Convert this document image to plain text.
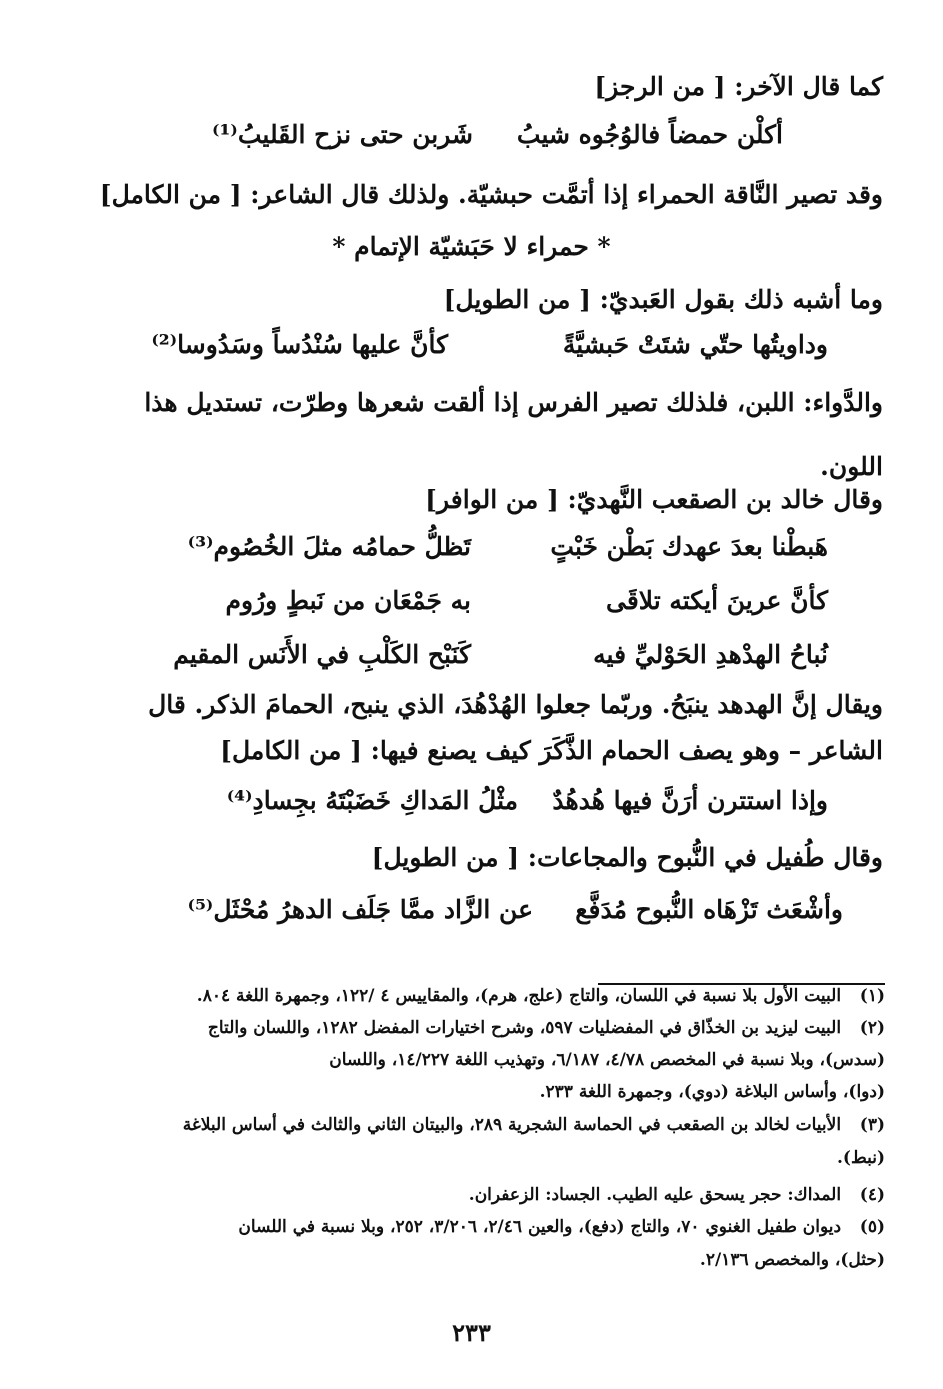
كما قال الآخر: [ من الرجز]
أكلْن حمضاً فالوُجُوه شيبُ
شَربن حتى نزح القَليبُ⁽¹⁾
وقد تصير النَّاقة الحمراء إذا أتمَّت حبشيّة. ولذلك قال الشاعر: [ من الكامل]
* حمراء لا حَبَشيّة الإتمام *
وما أشبه ذلك بقول العَبديّ: [ من الطويل]
وداويتُها حتّي شتَتْ حَبشيَّةً
كأنَّ عليها سُنْدُساً وسَدُوسا⁽²⁾
والدَّواء: اللبن، فلذلك تصير الفرس إذا ألقت شعرها وطرّت، تستديل هذا
اللون.
وقال خالد بن الصقعب النَّهديّ: [ من الوافر]
هَبطْنا بعدَ عهدك بَطْن خَبْتٍ
تَظلُّ حمامُه مثلَ الخُصُوم⁽³⁾
كأنَّ عرينَ أيكته تلاقَى
به جَمْعَان من نَبطٍ ورُوم
نُباحُ الهدْهدِ الحَوْليِّ فيه
كَنَبْح الكَلْبِ في الأَنَس المقيم
ويقال إنَّ الهدهد ينبَحُ. وربّما جعلوا الهُدْهُدَ، الذي ينبح، الحمامَ الذكر. قال
الشاعر – وهو يصف الحمام الذَّكَرَ كيف يصنع فيها: [ من الكامل]
وإذا استترن أرَنَّ فيها هُدهُدٌ
مثْلُ المَداكِ خَضَبْتَهُ بجِسادِ⁽⁴⁾
وقال طُفيل في النُّبوح والمجاعات: [ من الطويل]
وأشْعَث تَزْهَاه النُّبوح مُدَفَّع
عن الزَّاد ممَّا جَلَف الدهرُ مُحْثَل⁽⁵⁾
(١) البيت الأول بلا نسبة في اللسان، والتاج (علج، هرم)، والمقاييس ٤ /١٢٢، وجمهرة اللغة ٨٠٤.
(٢) البيت ليزيد بن الخذّاق في المفضليات ٥٩٧، وشرح اختيارات المفضل ١٢٨٢، واللسان والتاج
(سدس)، وبلا نسبة في المخصص ٤/٧٨، ٦/١٨٧، وتهذيب اللغة ١٤/٢٢٧، واللسان
(دوا)، وأساس البلاغة (دوي)، وجمهرة اللغة ٢٣٣.
(٣) الأبيات لخالد بن الصقعب في الحماسة الشجرية ٢٨٩، والبيتان الثاني والثالث في أساس البلاغة
(نبط).
(٤) المداك: حجر يسحق عليه الطيب. الجساد: الزعفران.
(٥) ديوان طفيل الغنوي ٧٠، والتاج (دفع)، والعين ٢/٤٦، ٣/٢٠٦، ٢٥٢، وبلا نسبة في اللسان
(حثل)، والمخصص ٢/١٣٦.
٢٣٣
